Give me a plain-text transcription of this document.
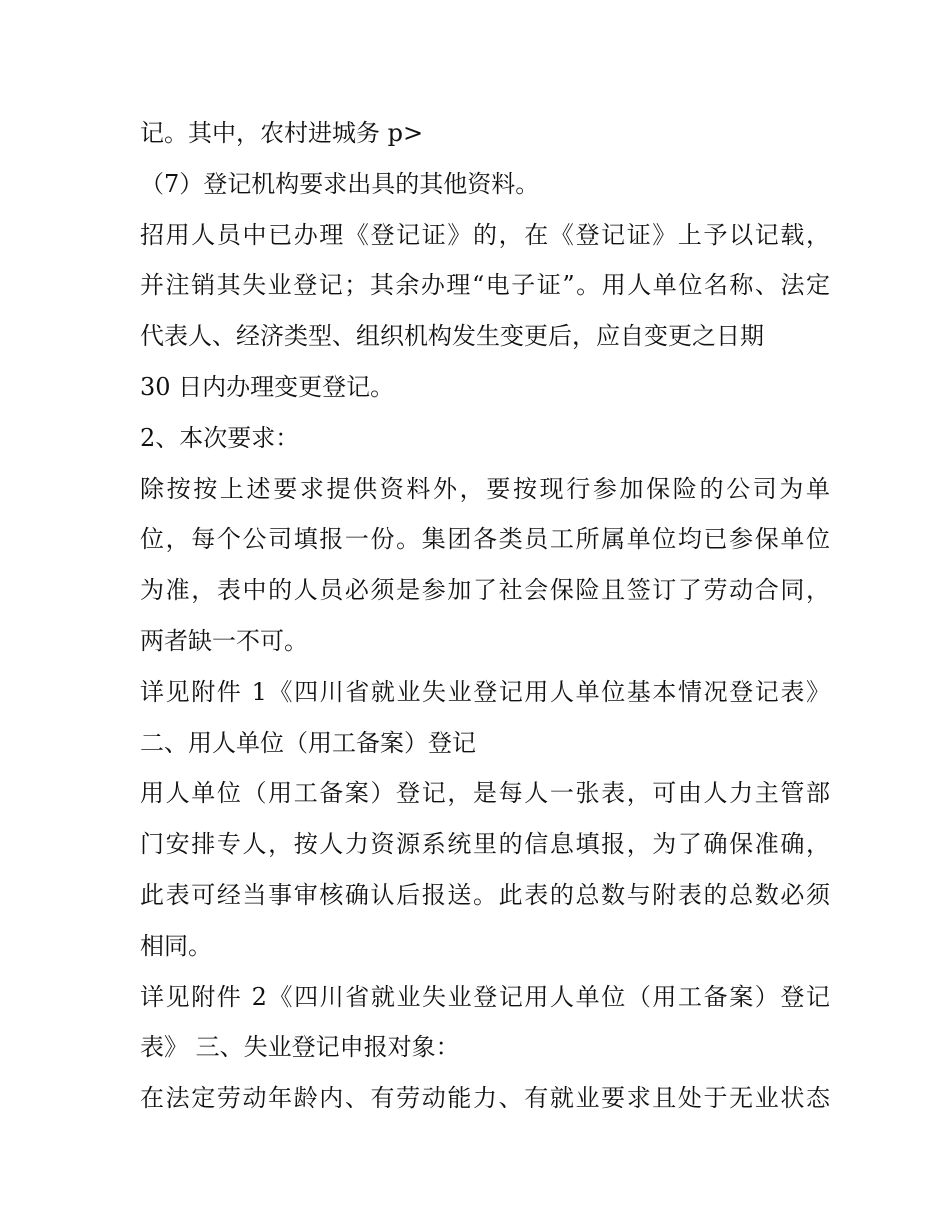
记。其中，农村进城务 p>
（7）登记机构要求出具的其他资料。
招用人员中已办理《登记证》的，在《登记证》上予以记载，
并注销其失业登记；其余办理“电子证”。用人单位名称、法定
代表人、经济类型、组织机构发生变更后，应自变更之日期
30 日内办理变更登记。
2、本次要求：
除按按上述要求提供资料外，要按现行参加保险的公司为单
位，每个公司填报一份。集团各类员工所属单位均已参保单位
为准，表中的人员必须是参加了社会保险且签订了劳动合同，
两者缺一不可。
详见附件 1《四川省就业失业登记用人单位基本情况登记表》
二、用人单位（用工备案）登记
用人单位（用工备案）登记，是每人一张表，可由人力主管部
门安排专人，按人力资源系统里的信息填报，为了确保准确，
此表可经当事审核确认后报送。此表的总数与附表的总数必须
相同。
详见附件 2《四川省就业失业登记用人单位（用工备案）登记
表》 三、失业登记申报对象：
在法定劳动年龄内、有劳动能力、有就业要求且处于无业状态
